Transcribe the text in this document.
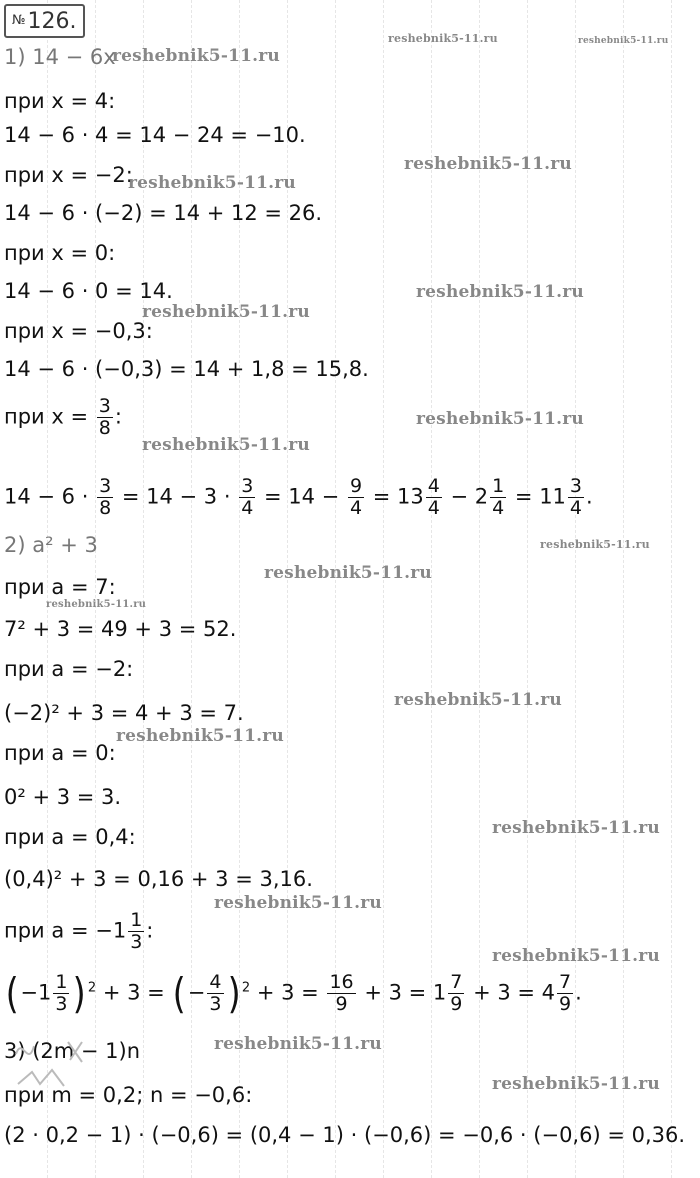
№126.
1) 14 − 6x
при x = 4:
14 − 6 · 4 = 14 − 24 = −10.
при x = −2:
14 − 6 · (−2) = 14 + 12 = 26.
при x = 0:
14 − 6 · 0 = 14.
при x = −0,3:
14 − 6 · (−0,3) = 14 + 1,8 = 15,8.
при $x = \frac{3}{8}$ :
$14 - 6 \cdot \frac{3}{8} = 14 - 3 \cdot \frac{3}{4} = 14 - \frac{9}{4} = 13 \frac{4}{4} - 2 \frac{1}{4} = 11 \frac{3}{4}$ .
2) a² + 3
при a = 7:
7² + 3 = 49 + 3 = 52.
при a = −2:
(−2)² + 3 = 4 + 3 = 7.
при a = 0:
0² + 3 = 3.
при a = 0,4:
(0,4)² + 3 = 0,16 + 3 = 3,16.
при $a = -1 \frac{1}{3}$ :
($-1 \frac{1}{3}$ ) $^2$ + 3 = (− $\frac{4}{3}$ ) $^2 + 3 = \frac{16}{9} + 3 = 1 \frac{7}{9} + 3 = 4 \frac{7}{9}$ .
3) (2m − 1)n
при m = 0,2; n = −0,6:
(2 · 0,2 − 1) · (−0,6) = (0,4 − 1) · (−0,6) = −0,6 · (−0,6) = 0,36.
reshebnik5-11.ru
reshebnik5-11.ru	reshebnik5-11.ru
reshebnik5-11.ru
reshebnik5-11.ru
reshebnik5-11.ru
reshebnik5-11.ru
reshebnik5-11.ru
reshebnik5-11.ru
reshebnik5-11.ru
reshebnik5-11.ru
reshebnik5-11.ru
reshebnik5-11.ru
reshebnik5-11.ru
reshebnik5-11.ru
reshebnik5-11.ru
reshebnik5-11.ru
reshebnik5-11.ru
reshebnik5-11.ru
